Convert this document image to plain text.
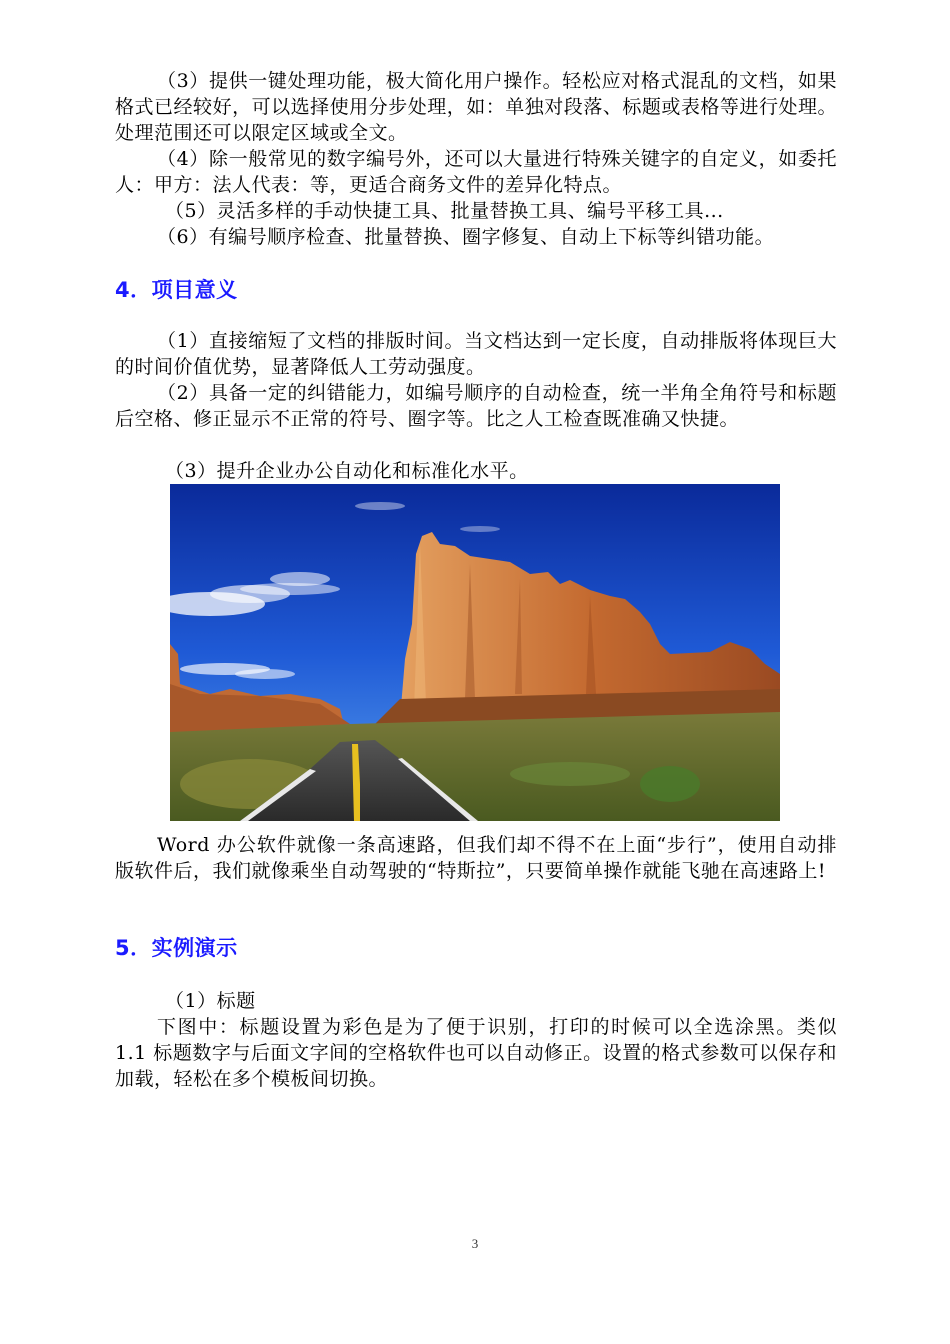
（3）提供一键处理功能，极大简化用户操作。轻松应对格式混乱的文档，如果格式已经较好，可以选择使用分步处理，如：单独对段落、标题或表格等进行处理。处理范围还可以限定区域或全文。

（4）除一般常见的数字编号外，还可以大量进行特殊关键字的自定义，如委托人：甲方：法人代表：等，更适合商务文件的差异化特点。

（5）灵活多样的手动快捷工具、批量替换工具、编号平移工具...

（6）有编号顺序检查、批量替换、圈字修复、自动上下标等纠错功能。

4．项目意义

（1）直接缩短了文档的排版时间。当文档达到一定长度，自动排版将体现巨大的时间价值优势，显著降低人工劳动强度。

（2）具备一定的纠错能力，如编号顺序的自动检查，统一半角全角符号和标题后空格、修正显示不正常的符号、圈字等。比之人工检查既准确又快捷。

（3）提升企业办公自动化和标准化水平。

Word 办公软件就像一条高速路，但我们却不得不在上面“步行”，使用自动排版软件后，我们就像乘坐自动驾驶的“特斯拉”，只要简单操作就能飞驰在高速路上!

5．实例演示

（1）标题

下图中：标题设置为彩色是为了便于识别，打印的时候可以全选涂黑。类似 1.1 标题数字与后面文字间的空格软件也可以自动修正。设置的格式参数可以保存和加载，轻松在多个模板间切换。

3
